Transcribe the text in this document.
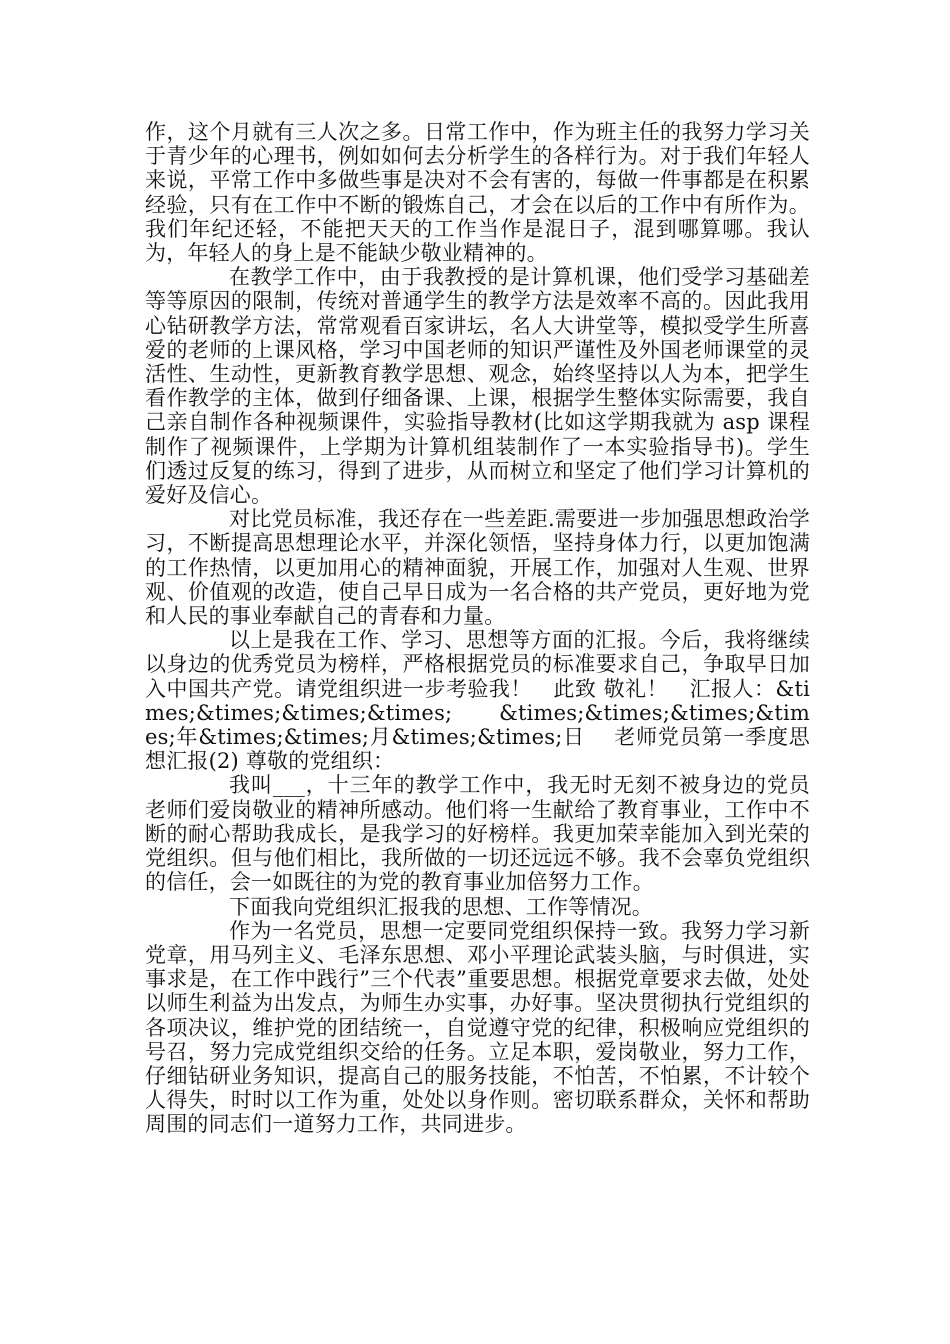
作，这个月就有三人次之多。日常工作中，作为班主任的我努力学习关于青少年的心理书，例如如何去分析学生的各样行为。对于我们年轻人来说，平常工作中多做些事是决对不会有害的，每做一件事都是在积累经验，只有在工作中不断的锻炼自己，才会在以后的工作中有所作为。我们年纪还轻，不能把天天的工作当作是混日子，混到哪算哪。我认为，年轻人的身上是不能缺少敬业精神的。

在教学工作中，由于我教授的是计算机课，他们受学习基础差等等原因的限制，传统对普通学生的教学方法是效率不高的。因此我用心钻研教学方法，常常观看百家讲坛，名人大讲堂等，模拟受学生所喜爱的老师的上课风格，学习中国老师的知识严谨性及外国老师课堂的灵活性、生动性，更新教育教学思想、观念，始终坚持以人为本，把学生看作教学的主体，做到仔细备课、上课，根据学生整体实际需要，我自己亲自制作各种视频课件，实验指导教材(比如这学期我就为 asp 课程制作了视频课件，上学期为计算机组装制作了一本实验指导书)。学生们透过反复的练习，得到了进步，从而树立和坚定了他们学习计算机的爱好及信心。

对比党员标准，我还存在一些差距.需要进一步加强思想政治学习，不断提高思想理论水平，并深化领悟，坚持身体力行，以更加饱满的工作热情，以更加用心的精神面貌，开展工作，加强对人生观、世界观、价值观的改造，使自己早日成为一名合格的共产党员，更好地为党和人民的事业奉献自己的青春和力量。

以上是我在工作、学习、思想等方面的汇报。今后，我将继续以身边的优秀党员为榜样，严格根据党员的标准要求自己，争取早日加入中国共产党。请党组织进一步考验我！　此致 敬礼！　汇报人：&times;&times;&times;&times;　　&times;&times;&times;&times;年&times;&times;月&times;&times;日　 老师党员第一季度思想汇报(2) 尊敬的党组织：

我叫___，十三年的教学工作中，我无时无刻不被身边的党员老师们爱岗敬业的精神所感动。他们将一生献给了教育事业，工作中不断的耐心帮助我成长，是我学习的好榜样。我更加荣幸能加入到光荣的党组织。但与他们相比，我所做的一切还远远不够。我不会辜负党组织的信任，会一如既往的为党的教育事业加倍努力工作。

下面我向党组织汇报我的思想、工作等情况。

作为一名党员，思想一定要同党组织保持一致。我努力学习新党章，用马列主义、毛泽东思想、邓小平理论武装头脑，与时俱进，实事求是，在工作中践行”三个代表”重要思想。根据党章要求去做，处处以师生利益为出发点，为师生办实事，办好事。坚决贯彻执行党组织的各项决议，维护党的团结统一，自觉遵守党的纪律，积极响应党组织的号召，努力完成党组织交给的任务。立足本职，爱岗敬业，努力工作，仔细钻研业务知识，提高自己的服务技能，不怕苦，不怕累，不计较个人得失，时时以工作为重，处处以身作则。密切联系群众，关怀和帮助周围的同志们一道努力工作，共同进步。
